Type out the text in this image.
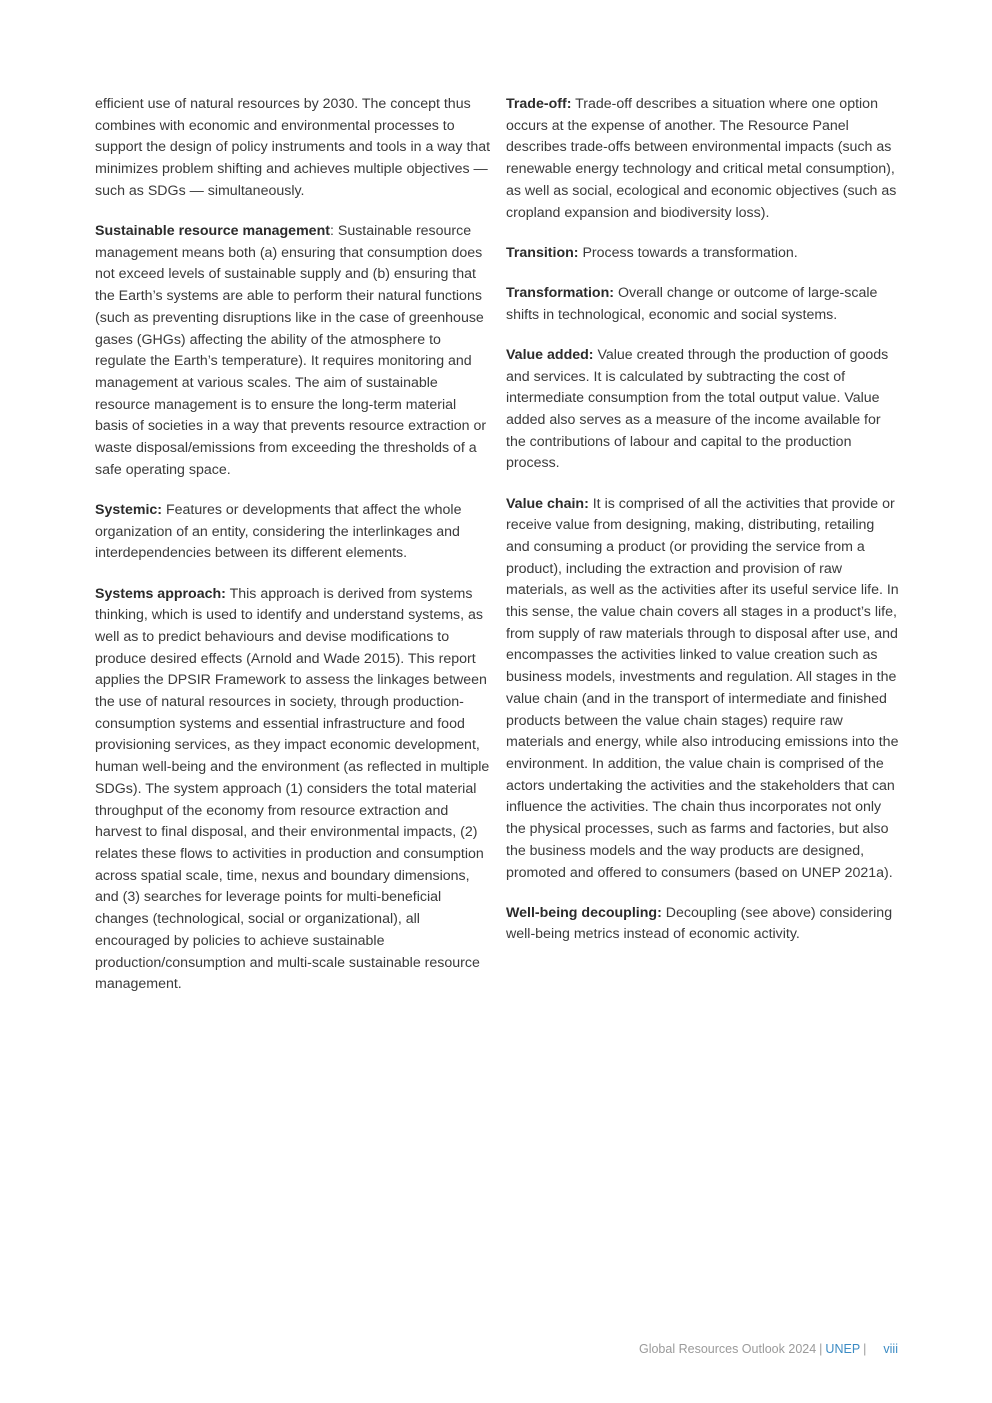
efficient use of natural resources by 2030. The concept thus combines with economic and environmental processes to support the design of policy instruments and tools in a way that minimizes problem shifting and achieves multiple objectives — such as SDGs — simultaneously.

Sustainable resource management: Sustainable resource management means both (a) ensuring that consumption does not exceed levels of sustainable supply and (b) ensuring that the Earth’s systems are able to perform their natural functions (such as preventing disruptions like in the case of greenhouse gases (GHGs) affecting the ability of the atmosphere to regulate the Earth’s temperature). It requires monitoring and management at various scales. The aim of sustainable resource management is to ensure the long-term material basis of societies in a way that prevents resource extraction or waste disposal/emissions from exceeding the thresholds of a safe operating space.

Systemic: Features or developments that affect the whole organization of an entity, considering the interlinkages and interdependencies between its different elements.

Systems approach: This approach is derived from systems thinking, which is used to identify and understand systems, as well as to predict behaviours and devise modifications to produce desired effects (Arnold and Wade 2015). This report applies the DPSIR Framework to assess the linkages between the use of natural resources in society, through production-consumption systems and essential infrastructure and food provisioning services, as they impact economic development, human well-being and the environment (as reflected in multiple SDGs). The system approach (1) considers the total material throughput of the economy from resource extraction and harvest to final disposal, and their environmental impacts, (2) relates these flows to activities in production and consumption across spatial scale, time, nexus and boundary dimensions, and (3) searches for leverage points for multi-beneficial changes (technological, social or organizational), all encouraged by policies to achieve sustainable production/consumption and multi-scale sustainable resource management.

Trade-off: Trade-off describes a situation where one option occurs at the expense of another. The Resource Panel describes trade-offs between environmental impacts (such as renewable energy technology and critical metal consumption), as well as social, ecological and economic objectives (such as cropland expansion and biodiversity loss).

Transition: Process towards a transformation.

Transformation: Overall change or outcome of large-scale shifts in technological, economic and social systems.

Value added: Value created through the production of goods and services. It is calculated by subtracting the cost of intermediate consumption from the total output value. Value added also serves as a measure of the income available for the contributions of labour and capital to the production process.

Value chain: It is comprised of all the activities that provide or receive value from designing, making, distributing, retailing and consuming a product (or providing the service from a product), including the extraction and provision of raw materials, as well as the activities after its useful service life. In this sense, the value chain covers all stages in a product’s life, from supply of raw materials through to disposal after use, and encompasses the activities linked to value creation such as business models, investments and regulation. All stages in the value chain (and in the transport of intermediate and finished products between the value chain stages) require raw materials and energy, while also introducing emissions into the environment. In addition, the value chain is comprised of the actors undertaking the activities and the stakeholders that can influence the activities. The chain thus incorporates not only the physical processes, such as farms and factories, but also the business models and the way products are designed, promoted and offered to consumers (based on UNEP 2021a).

Well-being decoupling: Decoupling (see above) considering well-being metrics instead of economic activity.

Global Resources Outlook 2024 | UNEP | viii
